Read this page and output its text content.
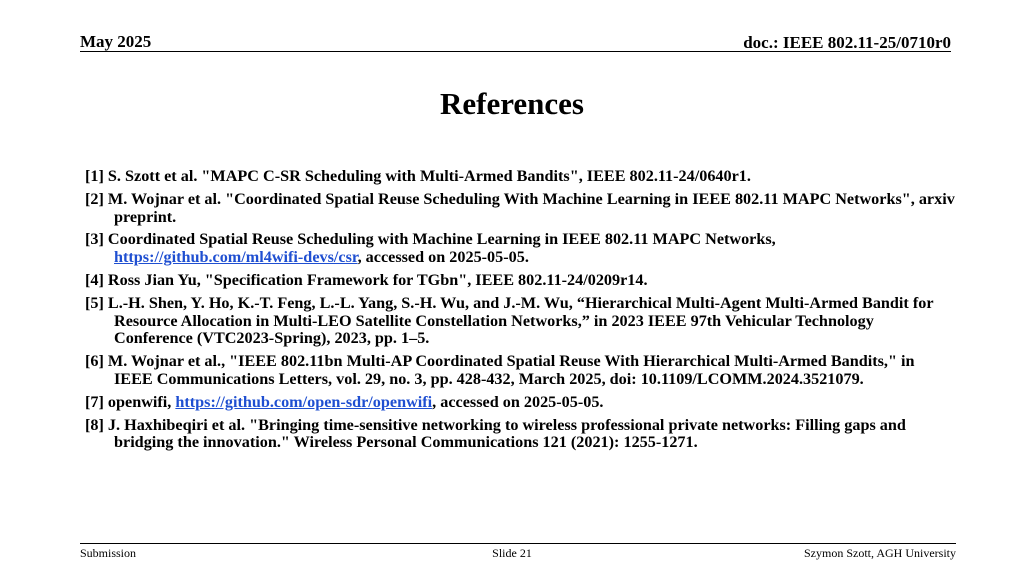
May 2025	doc.: IEEE 802.11-25/0710r0
References
[1] S. Szott et al. "MAPC C-SR Scheduling with Multi-Armed Bandits", IEEE 802.11-24/0640r1.
[2] M. Wojnar et al. "Coordinated Spatial Reuse Scheduling With Machine Learning in IEEE 802.11 MAPC Networks", arxiv preprint.
[3] Coordinated Spatial Reuse Scheduling with Machine Learning in IEEE 802.11 MAPC Networks, https://github.com/ml4wifi-devs/csr, accessed on 2025-05-05.
[4] Ross Jian Yu, "Specification Framework for TGbn", IEEE 802.11-24/0209r14.
[5] L.-H. Shen, Y. Ho, K.-T. Feng, L.-L. Yang, S.-H. Wu, and J.-M. Wu, “Hierarchical Multi-Agent Multi-Armed Bandit for Resource Allocation in Multi-LEO Satellite Constellation Networks,” in 2023 IEEE 97th Vehicular Technology Conference (VTC2023-Spring), 2023, pp. 1–5.
[6] M. Wojnar et al., "IEEE 802.11bn Multi-AP Coordinated Spatial Reuse With Hierarchical Multi-Armed Bandits," in IEEE Communications Letters, vol. 29, no. 3, pp. 428-432, March 2025, doi: 10.1109/LCOMM.2024.3521079.
[7] openwifi, https://github.com/open-sdr/openwifi, accessed on 2025-05-05.
[8] J. Haxhibeqiri et al. "Bringing time-sensitive networking to wireless professional private networks: Filling gaps and bridging the innovation." Wireless Personal Communications 121 (2021): 1255-1271.
Submission	Slide 21	Szymon Szott, AGH University
